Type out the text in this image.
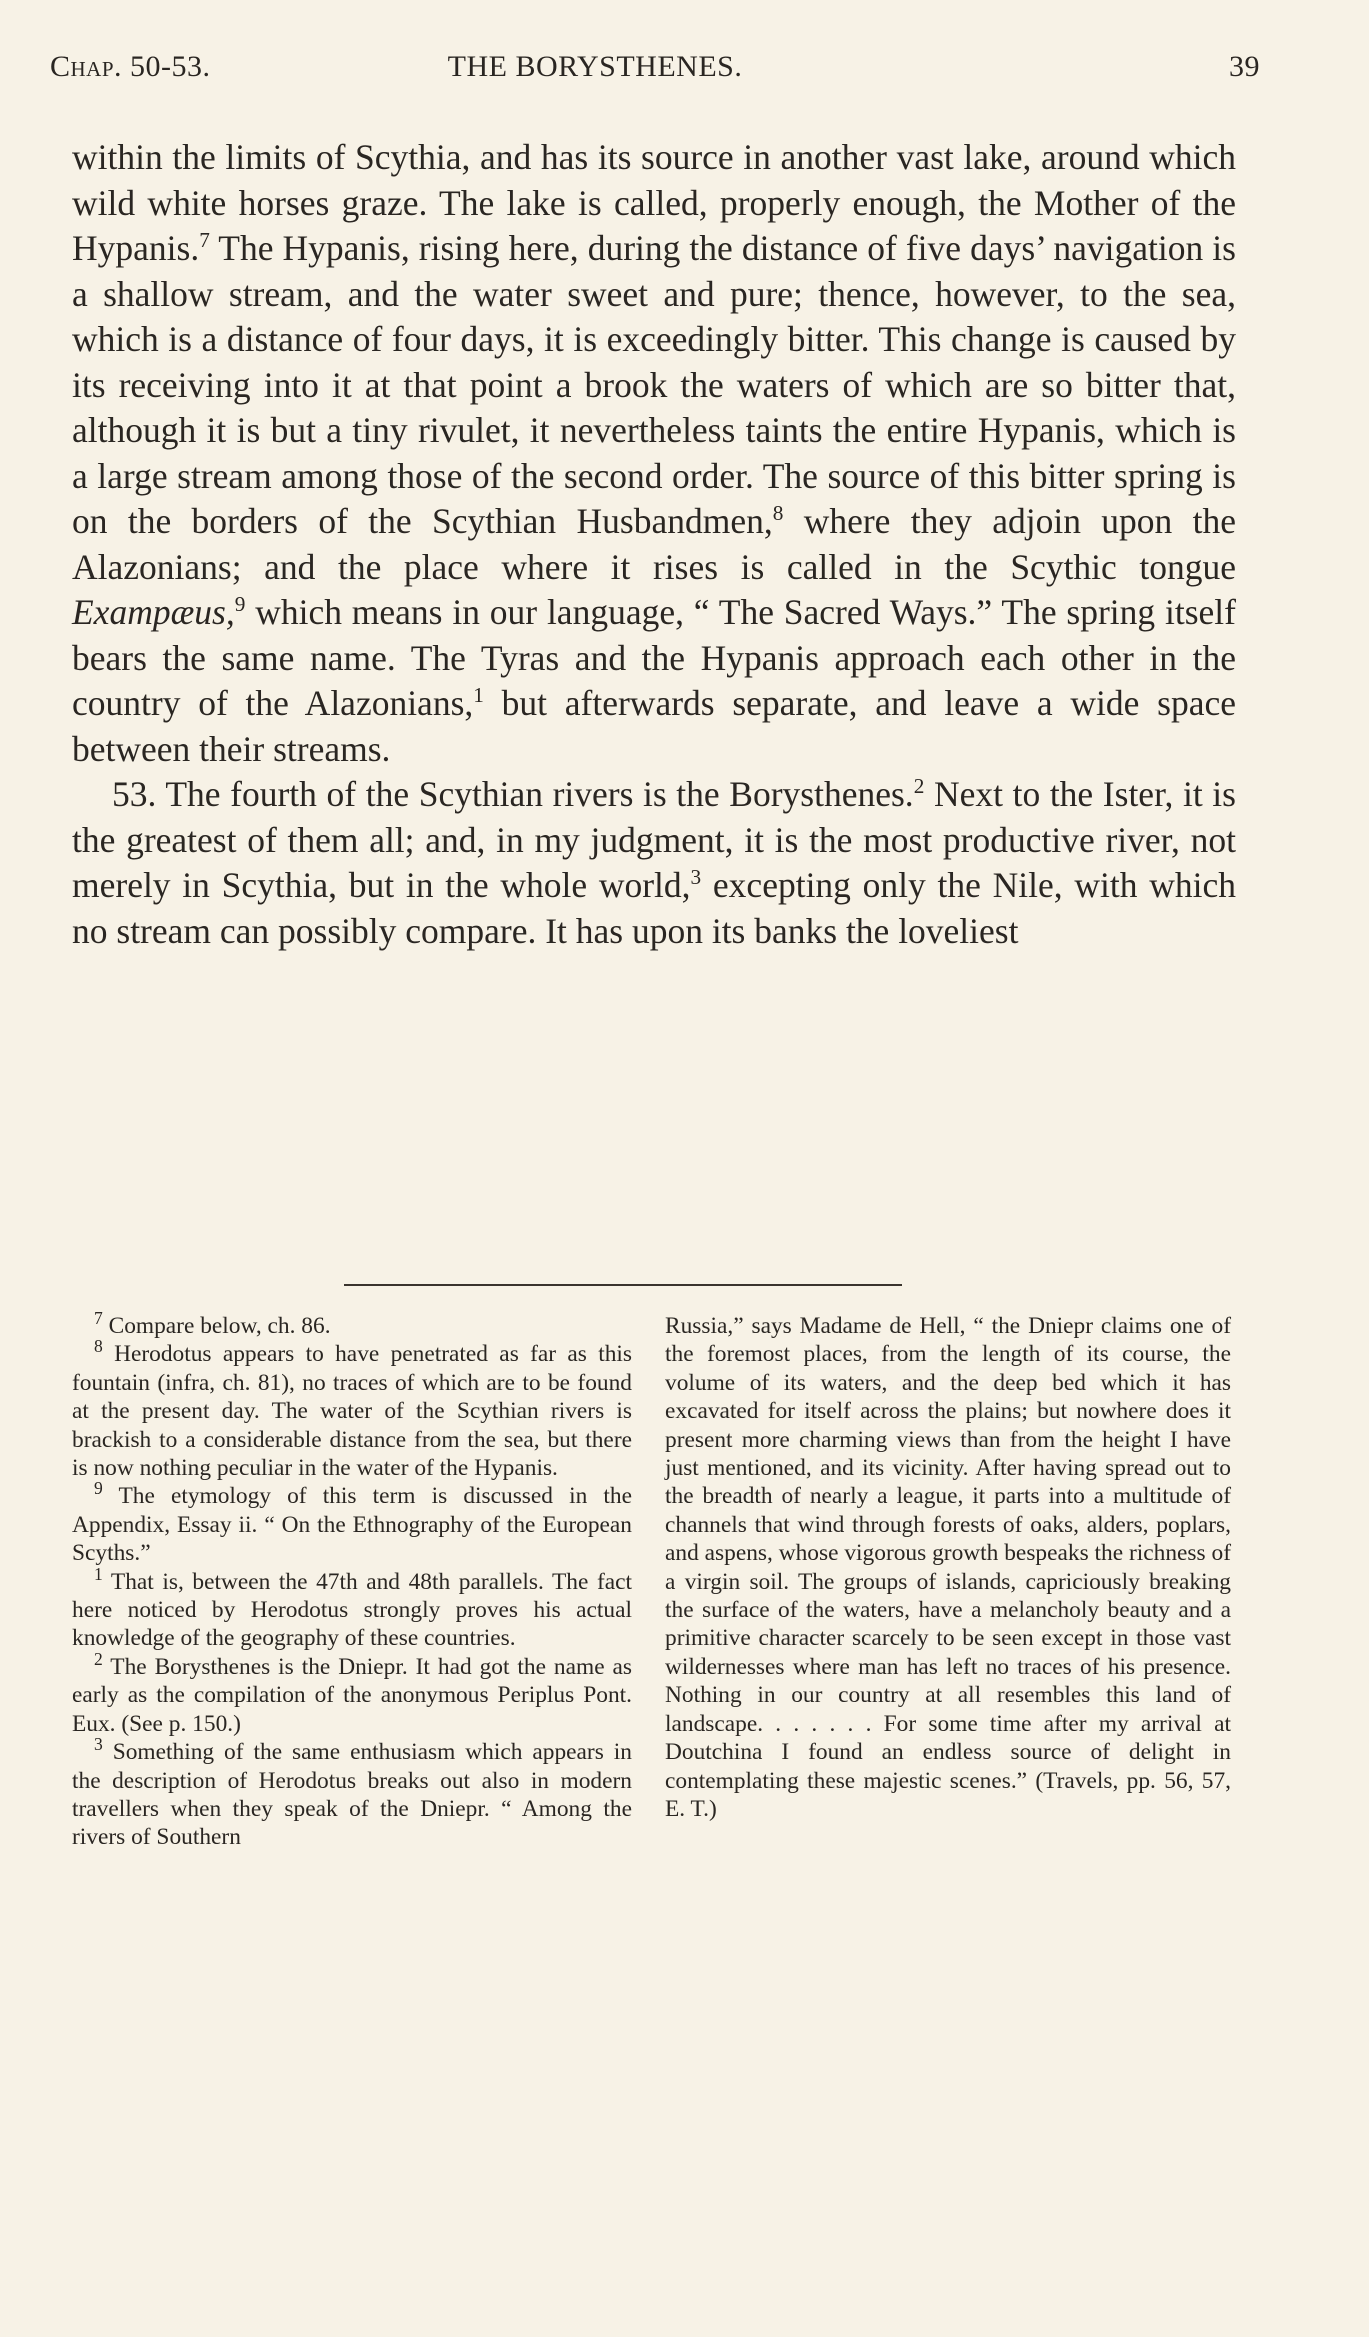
Chap. 50-53.	THE BORYSTHENES.	39

within the limits of Scythia, and has its source in another vast lake, around which wild white horses graze. The lake is called, properly enough, the Mother of the Hypanis.$^7$ The Hypanis, rising here, during the distance of five days’ navigation is a shallow stream, and the water sweet and pure; thence, however, to the sea, which is a distance of four days, it is exceedingly bitter. This change is caused by its receiving into it at that point a brook the waters of which are so bitter that, although it is but a tiny rivulet, it nevertheless taints the entire Hypanis, which is a large stream among those of the second order. The source of this bitter spring is on the borders of the Scythian Husbandmen,$^8$ where they adjoin upon the Alazonians; and the place where it rises is called in the Scythic tongue Exampæus,$^9$ which means in our language, “ The Sacred Ways.” The spring itself bears the same name. The Tyras and the Hypanis approach each other in the country of the Alazonians,$^1$ but afterwards separate, and leave a wide space between their streams.

53. The fourth of the Scythian rivers is the Borysthenes.$^2$ Next to the Ister, it is the greatest of them all; and, in my judgment, it is the most productive river, not merely in Scythia, but in the whole world,$^3$ excepting only the Nile, with which no stream can possibly compare. It has upon its banks the loveliest

$^7$ Compare below, ch. 86.

$^8$ Herodotus appears to have penetrated as far as this fountain (infra, ch. 81), no traces of which are to be found at the present day. The water of the Scythian rivers is brackish to a considerable distance from the sea, but there is now nothing peculiar in the water of the Hypanis.

$^9$ The etymology of this term is discussed in the Appendix, Essay ii. “ On the Ethnography of the European Scyths.”

$^1$ That is, between the 47th and 48th parallels. The fact here noticed by Herodotus strongly proves his actual knowledge of the geography of these countries.

$^2$ The Borysthenes is the Dniepr. It had got the name as early as the compilation of the anonymous Periplus Pont. Eux. (See p. 150.)

$^3$ Something of the same enthusiasm which appears in the description of Herodotus breaks out also in modern travellers when they speak of the Dniepr. “ Among the rivers of Southern

Russia,” says Madame de Hell, “ the Dniepr claims one of the foremost places, from the length of its course, the volume of its waters, and the deep bed which it has excavated for itself across the plains; but nowhere does it present more charming views than from the height I have just mentioned, and its vicinity. After having spread out to the breadth of nearly a league, it parts into a multitude of channels that wind through forests of oaks, alders, poplars, and aspens, whose vigorous growth bespeaks the richness of a virgin soil. The groups of islands, capriciously breaking the surface of the waters, have a melancholy beauty and a primitive character scarcely to be seen except in those vast wildernesses where man has left no traces of his presence. Nothing in our country at all resembles this land of landscape. . . . . . . For some time after my arrival at Doutchina I found an endless source of delight in contemplating these majestic scenes.” (Travels, pp. 56, 57, E. T.)
